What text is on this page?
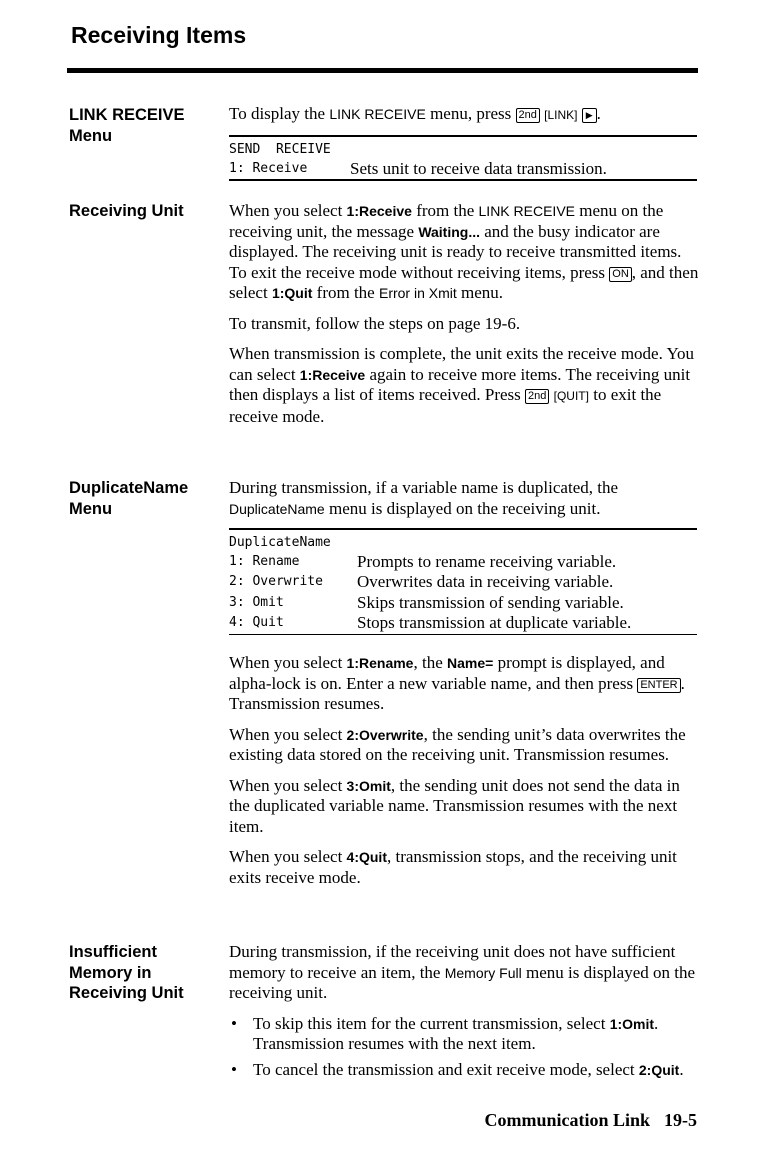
Receiving Items
LINK RECEIVE
Menu
To display the LINK RECEIVE menu, press 2nd [LINK] ▶ .
SEND  RECEIVE
1: Receive	Sets unit to receive data transmission.
Receiving Unit	When you select 1:Receive from the LINK RECEIVE menu on the receiving unit, the message Waiting... and the busy indicator are displayed. The receiving unit is ready to receive transmitted items. To exit the receive mode without receiving items, press ON , and then select 1:Quit from the Error in Xmit menu.

To transmit, follow the steps on page 19-6.

When transmission is complete, the unit exits the receive mode. You can select 1:Receive again to receive more items. The receiving unit then displays a list of items received. Press 2nd [QUIT] to exit the receive mode.

DuplicateName
Menu
During transmission, if a variable name is duplicated, the DuplicateName menu is displayed on the receiving unit.
DuplicateName
1: Rename	Prompts to rename receiving variable.
2: Overwrite Overwrites data in receiving variable.
3: Omit	Skips transmission of sending variable.
4: Quit	Stops transmission at duplicate variable.

When you select 1:Rename, the Name= prompt is displayed, and alpha-lock is on. Enter a new variable name, and then press ENTER . Transmission resumes.

When you select 2:Overwrite, the sending unit’s data overwrites the existing data stored on the receiving unit. Transmission resumes.

When you select 3:Omit, the sending unit does not send the data in the duplicated variable name. Transmission resumes with the next item.

When you select 4:Quit, transmission stops, and the receiving unit exits receive mode.

Insufficient
Memory in
Receiving Unit

During transmission, if the receiving unit does not have sufficient memory to receive an item, the Memory Full menu is displayed on the receiving unit.

• To skip this item for the current transmission, select 1:Omit. Transmission resumes with the next item.
• To cancel the transmission and exit receive mode, select 2:Quit.
Communication Link 19-5
